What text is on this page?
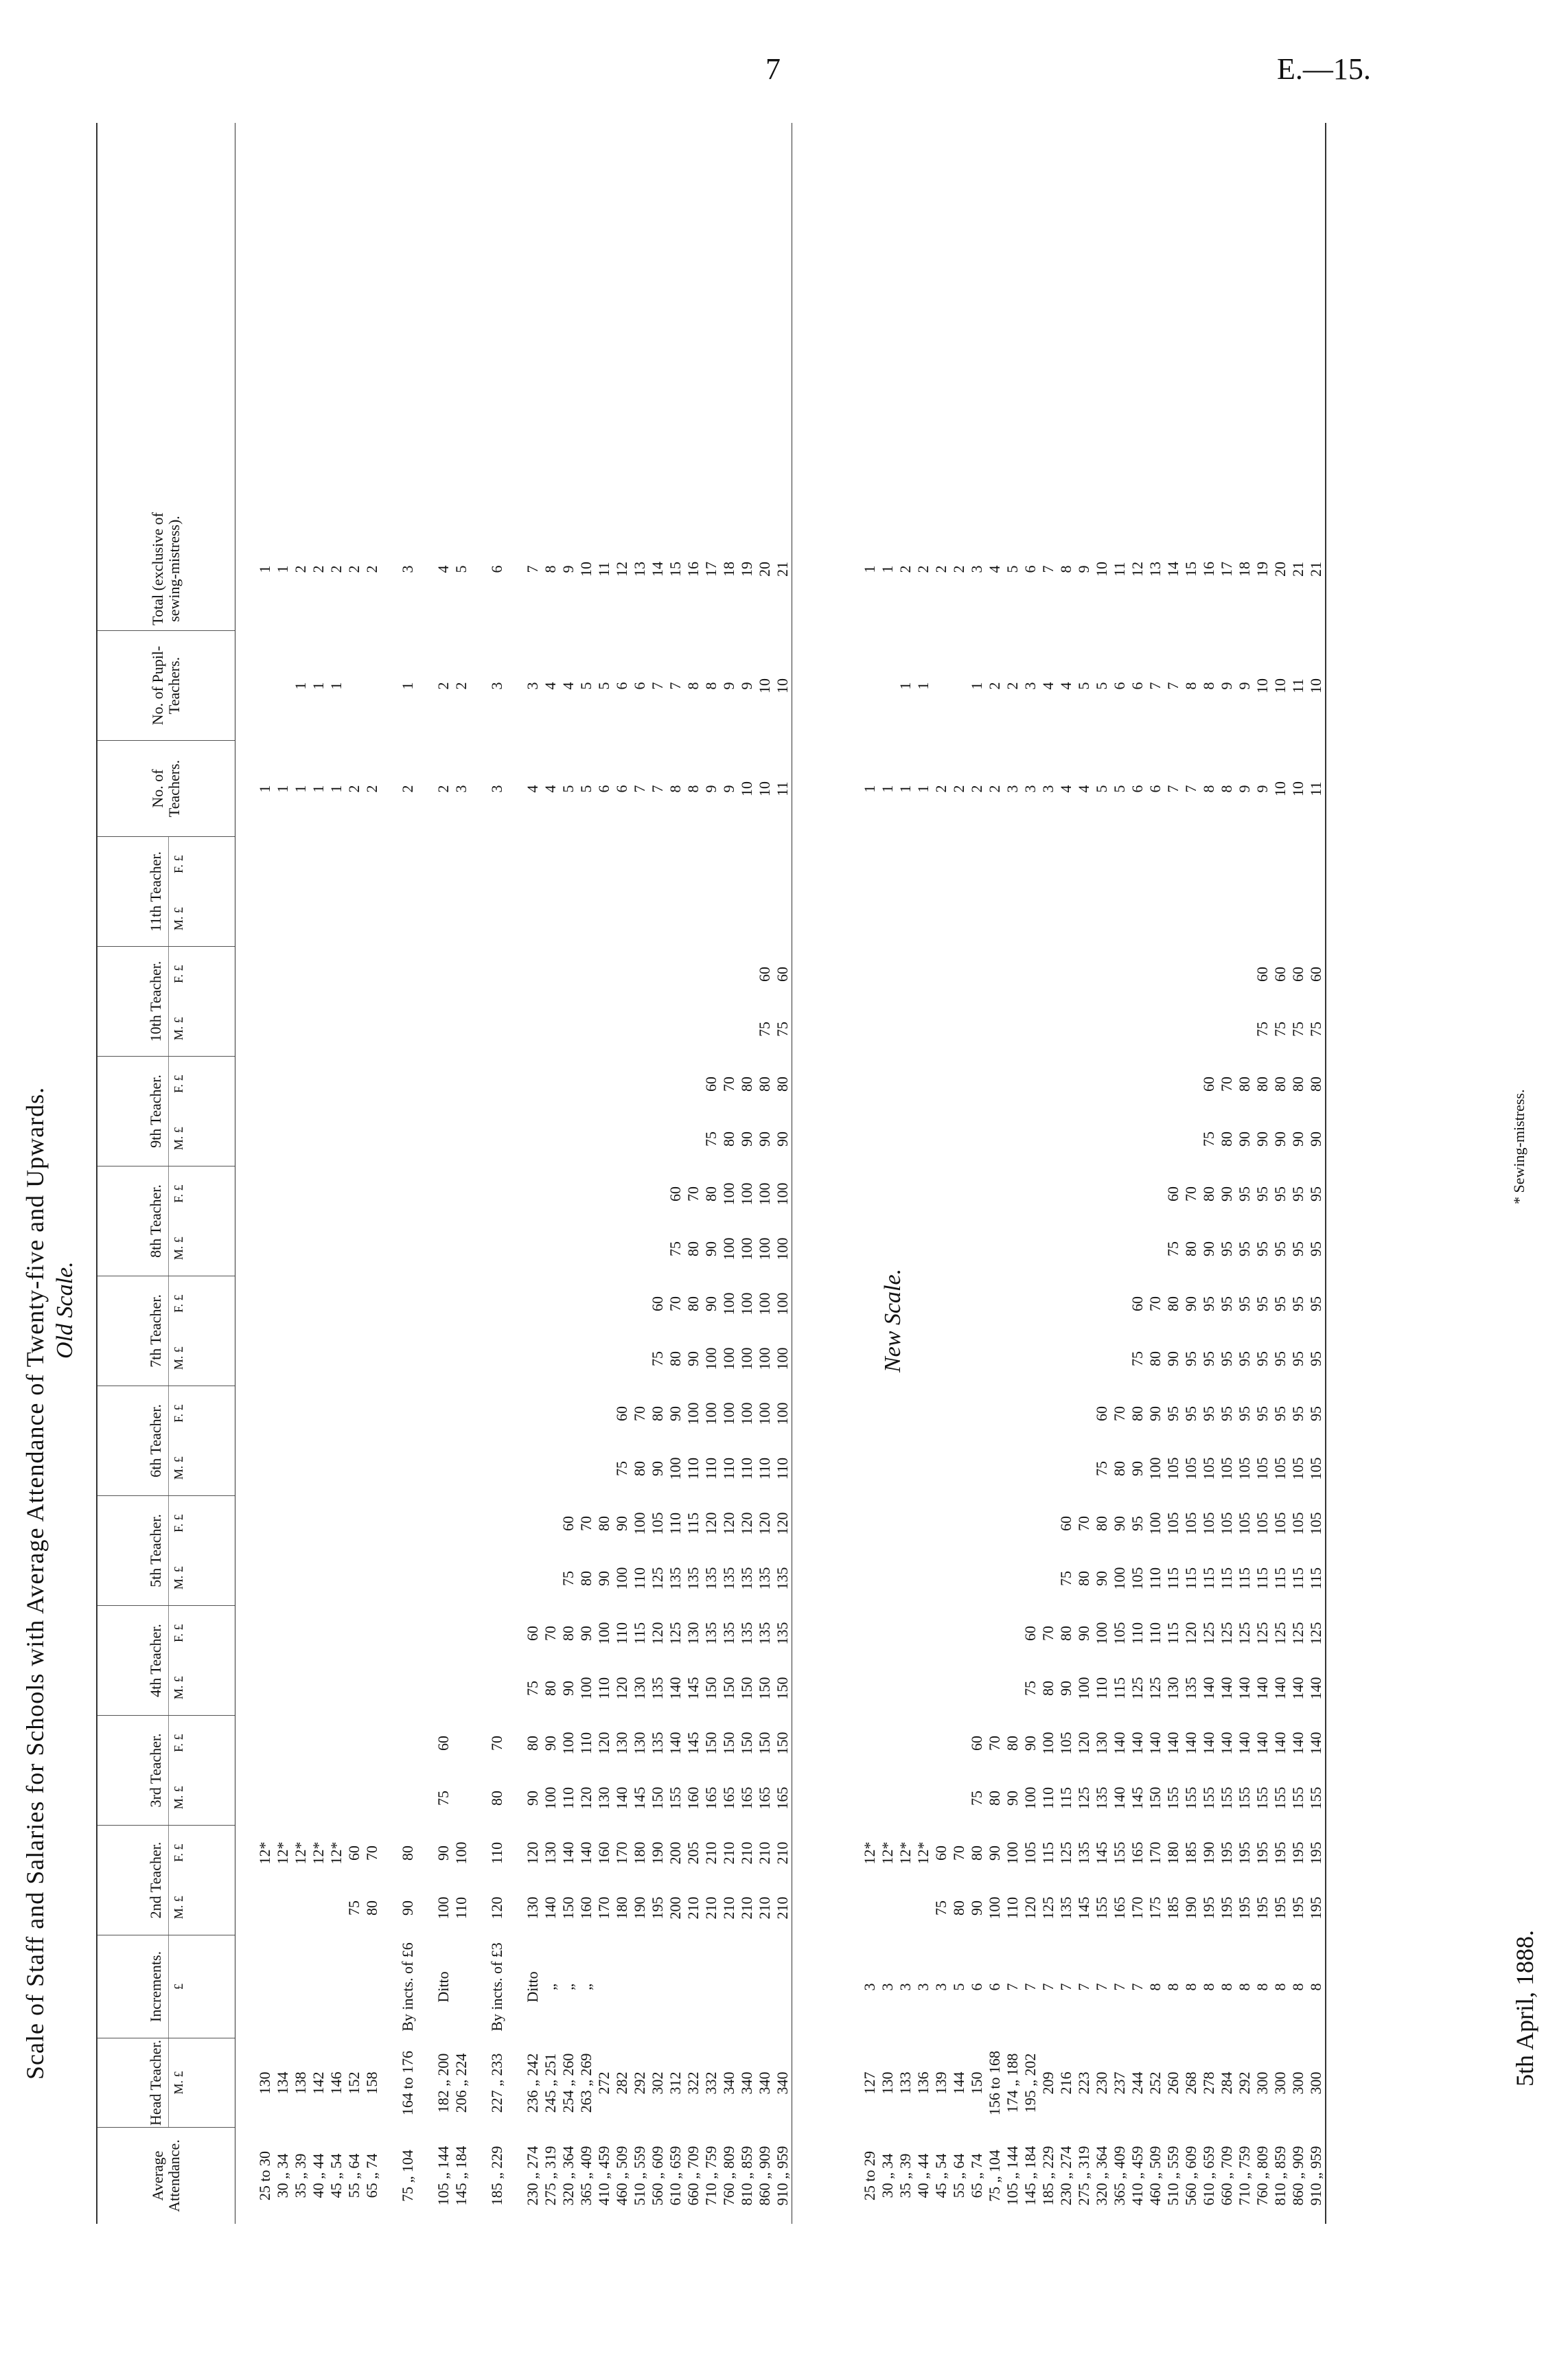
7	E.—15.
Scale of Staff and Salaries for Schools with Average Attendance of Twenty-five and Upwards. Old Scale.
Average Attendance.
Head Teacher. M. £
Increments. £
2nd Teacher. M. £
F. £
3rd Teacher. M. £
F. £
4th Teacher. M. £
F. £
5th Teacher. M. £
F. £
6th Teacher. M. £
F. £
7th Teacher. M. £
F. £
8th Teacher. M. £
F. £
9th Teacher. M. £
F. £
10th Teacher. M. £
F. £
11th Teacher. M. £
F. £
No. of Teachers.
No. of Pupil-Teachers.
Total (exclusive of sewing-mistress).
25 to 30
130
12*
1
1
30 „ 34
134
12*
1
1
35 „ 39
138
12*
1
1
2
40 „ 44
142
12*
1
1
2
45 „ 54
146
12*
1
1
2
55 „ 64
152
75
60
2
2
65 „ 74
158
80
70
2
2
75 „ 104
164 to 176
By incts. of £6
90
80
2
1
3
105 „ 144
182 „ 200
Ditto
100
90
75
60
2
2
4
145 „ 184
206 „ 224
110
100
3
2
5
185 „ 229
227 „ 233
By incts. of £3
120
110
80
70
3
3
6
230 „ 274
236 „ 242
Ditto
130
120
90
80
75
60
4
3
7
275 „ 319
245 „ 251
„
140
130
100
90
80
70
4
4
8
320 „ 364
254 „ 260
„
150
140
110
100
90
80
75
60
5
4
9
365 „ 409
263 „ 269
„
160
140
120
110
100
90
80
70
5
5
10
410 „ 459
272
170
160
130
120
110
100
90
80
6
5
11
460 „ 509
282
180
170
140
130
120
110
100
90
75
60
6
6
12
510 „ 559
292
190
180
145
130
130
115
110
100
80
70
7
6
13
560 „ 609
302
195
190
150
135
135
120
125
105
90
80
75
60
7
7
14
610 „ 659
312
200
200
155
140
140
125
135
110
100
90
80
70
75
60
8
7
15
660 „ 709
322
210
205
160
145
145
130
135
115
110
100
90
80
80
70
8
8
16
710 „ 759
332
210
210
165
150
150
135
135
120
110
100
100
90
90
80
75
60
9
8
17
760 „ 809
340
210
210
165
150
150
135
135
120
110
100
100
100
100
100
80
70
9
9
18
810 „ 859
340
210
210
165
150
150
135
135
120
110
100
100
100
100
100
90
80
10
9
19
860 „ 909
340
210
210
165
150
150
135
135
120
110
100
100
100
100
100
90
80
75
60
10
10
20
910 „ 959
340
210
210
165
150
150
135
135
120
110
100
100
100
100
100
90
80
75
60
11
10
21
25 to 29
127
3
12*
1
1
30 „ 34
130
3
12*
1
1
35 „ 39
133
3
12*
1
1
2
40 „ 44
136
3
12*
1
1
2
45 „ 54
139
3
75
60
2
2
55 „ 64
144
5
80
70
2
2
65 „ 74
150
6
90
80
75
60
2
1
3
75 „ 104
156 to 168
6
100
90
80
70
2
2
4
105 „ 144
174 „ 188
7
110
100
90
80
3
2
5
145 „ 184
195 „ 202
7
120
105
100
90
75
60
3
3
6
185 „ 229
209
7
125
115
110
100
80
70
3
4
7
230 „ 274
216
7
135
125
115
105
90
80
75
60
4
4
8
275 „ 319
223
7
145
135
125
120
100
90
80
70
4
5
9
320 „ 364
230
7
155
145
135
130
110
100
90
80
75
60
5
5
10
365 „ 409
237
7
165
155
140
140
115
105
100
90
80
70
5
6
11
410 „ 459
244
7
170
165
145
140
125
110
105
95
90
80
75
60
6
6
12
460 „ 509
252
8
175
170
150
140
125
110
110
100
100
90
80
70
6
7
13
510 „ 559
260
8
185
180
155
140
130
115
115
105
105
95
90
80
75
60
7
7
14
560 „ 609
268
8
190
185
155
140
135
120
115
105
105
95
95
90
80
70
7
8
15
610 „ 659
278
8
195
190
155
140
140
125
115
105
105
95
95
95
90
80
75
60
8
8
16
660 „ 709
284
8
195
195
155
140
140
125
115
105
105
95
95
95
95
90
80
70
8
9
17
710 „ 759
292
8
195
195
155
140
140
125
115
105
105
95
95
95
95
95
90
80
9
9
18
760 „ 809
300
8
195
195
155
140
140
125
115
105
105
95
95
95
95
95
90
80
75
60
9
10
19
810 „ 859
300
8
195
195
155
140
140
125
115
105
105
95
95
95
95
95
90
80
75
60
10
10
20
860 „ 909
300
8
195
195
155
140
140
125
115
105
105
95
95
95
95
95
90
80
75
60
10
11
21
910 „ 959
300
8
195
195
155
140
140
125
115
105
105
95
95
95
95
95
90
80
75
60
11
10
21
New Scale.
5th April, 1888.
* Sewing-mistress.
